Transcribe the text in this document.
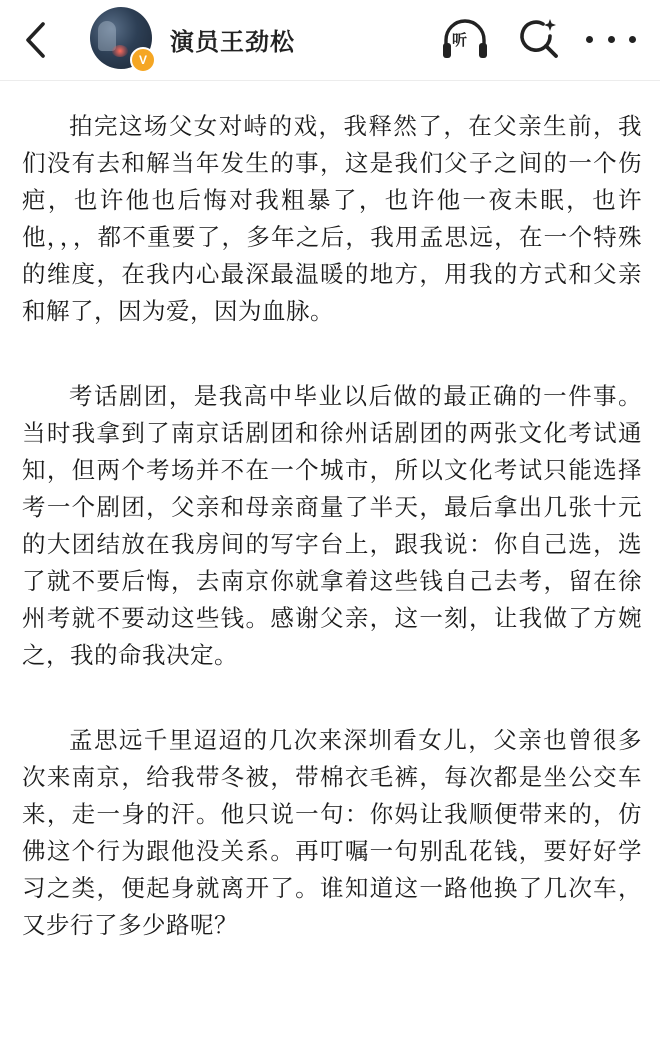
V
演员王劲松	听

拍完这场父女对峙的戏，我释然了，在父亲生前，我们没有去和解当年发生的事，这是我们父子之间的一个伤疤，也许他也后悔对我粗暴了，也许他一夜未眠，也许他，，，都不重要了，多年之后，我用孟思远，在一个特殊的维度，在我内心最深最温暖的地方，用我的方式和父亲和解了，因为爱，因为血脉。

考话剧团，是我高中毕业以后做的最正确的一件事。当时我拿到了南京话剧团和徐州话剧团的两张文化考试通知，但两个考场并不在一个城市，所以文化考试只能选择考一个剧团，父亲和母亲商量了半天，最后拿出几张十元的大团结放在我房间的写字台上，跟我说：你自己选，选了就不要后悔，去南京你就拿着这些钱自己去考，留在徐州考就不要动这些钱。感谢父亲，这一刻，让我做了方婉之，我的命我决定。

孟思远千里迢迢的几次来深圳看女儿，父亲也曾很多次来南京，给我带冬被，带棉衣毛裤，每次都是坐公交车来，走一身的汗。他只说一句：你妈让我顺便带来的，仿佛这个行为跟他没关系。再叮嘱一句别乱花钱，要好好学习之类，便起身就离开了。谁知道这一路他换了几次车，又步行了多少路呢？
